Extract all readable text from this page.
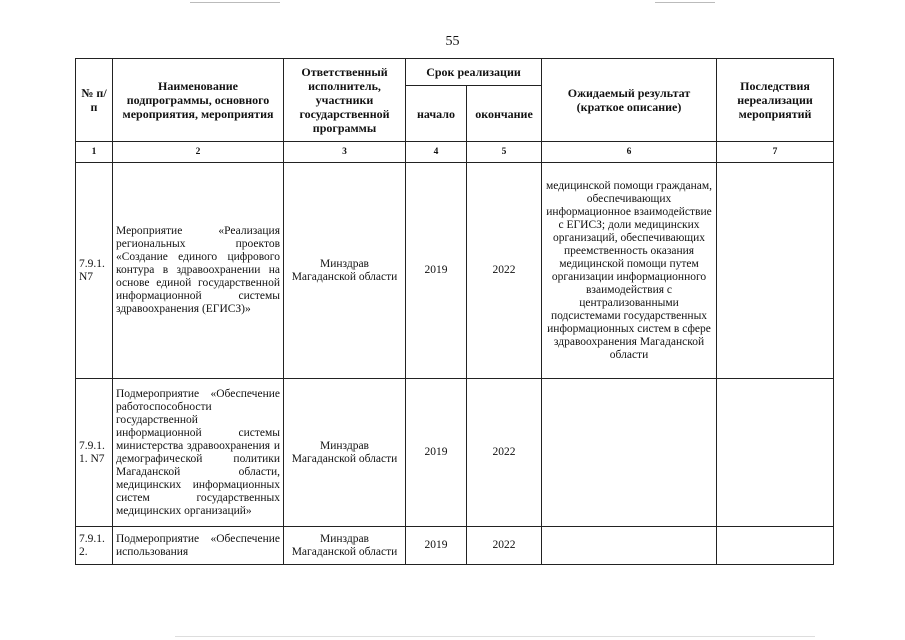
55
№ п/п	Наименование подпрограммы, основного мероприятия, мероприятия	Ответственный исполнитель, участники государственной программы	Срок реализации		Ожидаемый результат (краткое описание)	Последствия нереализации мероприятий
			начало	окончание		
1	2	3	4	5	6	7
7.9.1. N7	Мероприятие «Реализация региональных проектов «Создание единого цифрового контура в здравоохранении на основе единой государственной информационной системы здравоохранения (ЕГИСЗ)»	Минздрав Магаданской области	2019	2022	медицинской помощи гражданам, обеспечивающих информационное взаимодействие с ЕГИСЗ; доли медицинских организаций, обеспечивающих преемственность оказания медицинской помощи путем организации информационного взаимодействия с централизованными подсистемами государственных информационных систем в сфере здравоохранения Магаданской области	
7.9.1. 1. N7	Подмероприятие «Обеспечение работоспособности государственной информационной системы министерства здравоохранения и демографической политики Магаданской области, медицинских информационных систем государственных медицинских организаций»	Минздрав Магаданской области	2019	2022		
7.9.1. 2.	Подмероприятие «Обеспечение использования	Минздрав Магаданской области	2019	2022		
